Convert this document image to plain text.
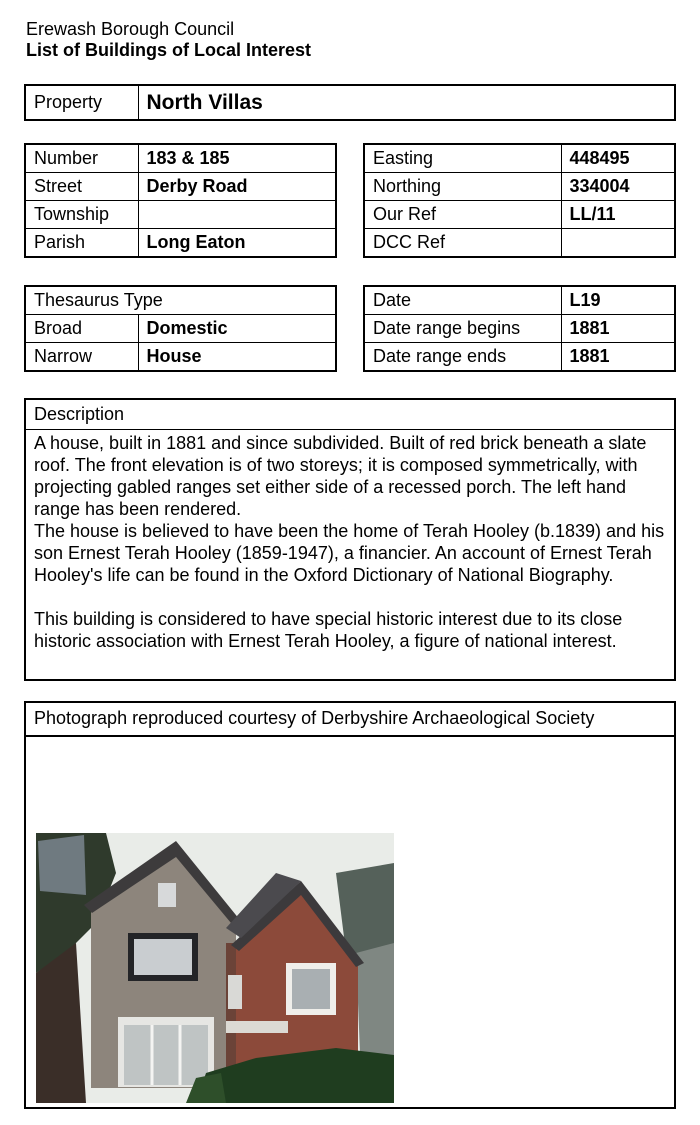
Erewash Borough Council
List of Buildings of Local Interest
Property	North Villas
Number	183 & 185
Street	Derby Road
Township	
Parish	Long Eaton
Easting	448495
Northing	334004
Our Ref	LL/11
DCC Ref	
Thesaurus Type	
Broad	Domestic
Narrow	House
Date	L19
Date range begins	1881
Date range ends	1881
Description

A house, built in 1881 and since subdivided. Built of red brick beneath a slate roof. The front elevation is of two storeys; it is composed symmetrically, with projecting gabled ranges set either side of a recessed porch. The left hand range has been rendered.

The house is believed to have been the home of Terah Hooley (b.1839) and his son Ernest Terah Hooley (1859-1947), a financier. An account of Ernest Terah Hooley's life can be found in the Oxford Dictionary of National Biography.

This building is considered to have special historic interest due to its close historic association with Ernest Terah Hooley, a figure of national interest.

Photograph reproduced courtesy of Derbyshire Archaeological Society
